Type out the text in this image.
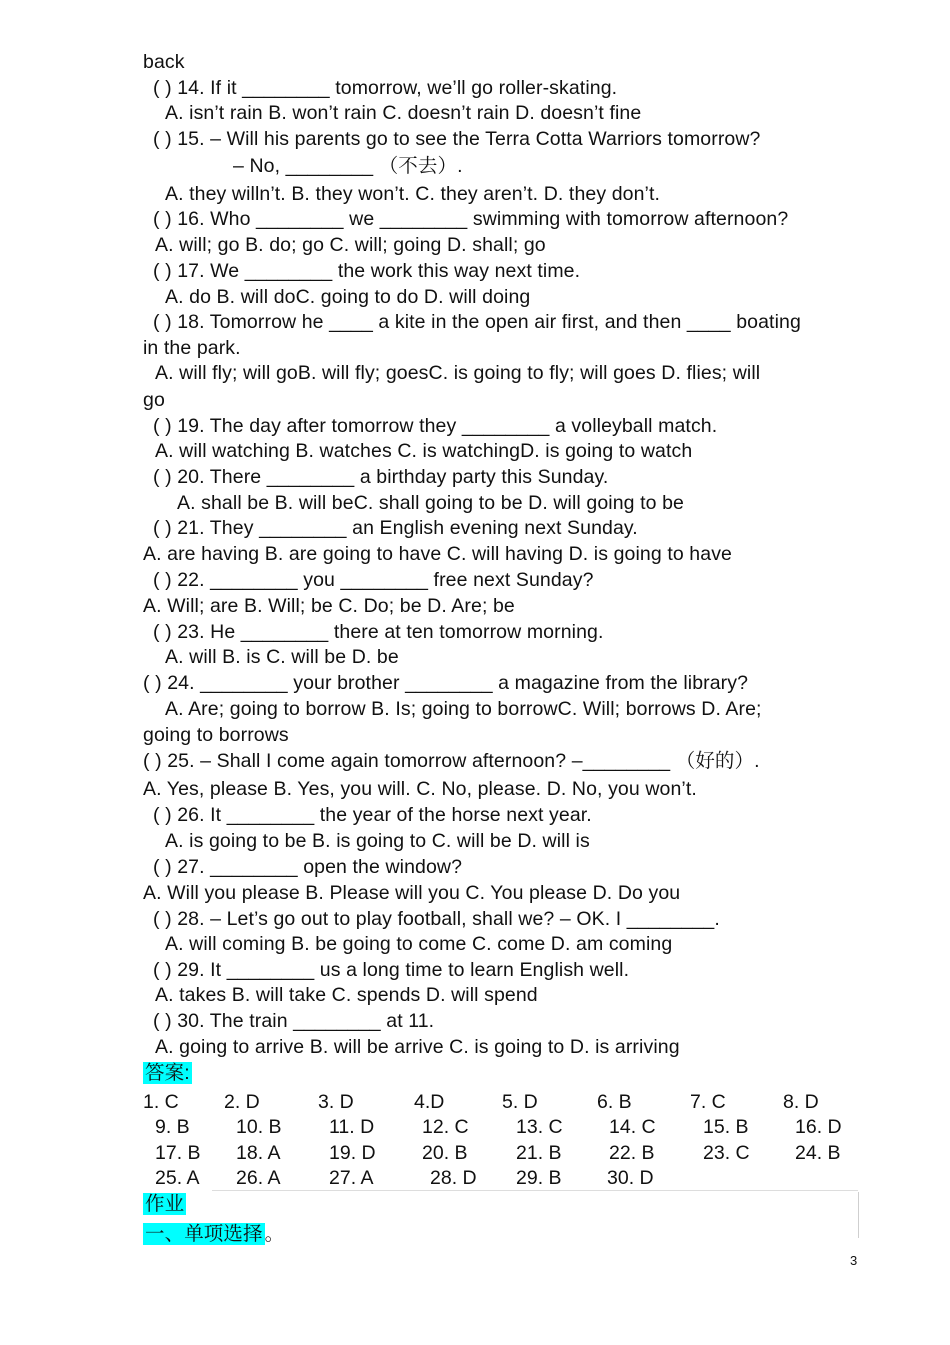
back
( ) 14. If it ________ tomorrow, we’ll go roller-skating.
A. isn’t rain B. won’t rain C. doesn’t rain D. doesn’t fine
( ) 15. – Will his parents go to see the Terra Cotta Warriors tomorrow?
– No, ________ （不去）.
A. they willn’t. B. they won’t. C. they aren’t. D. they don’t.
( ) 16. Who ________ we ________ swimming with tomorrow afternoon?
A. will; go B. do; go C. will; going D. shall; go
( ) 17. We ________ the work this way next time.
A. do B. will doC. going to do D. will doing
( ) 18. Tomorrow he ____ a kite in the open air first, and then ____ boating
in the park.
A. will fly; will goB. will fly; goesC. is going to fly; will goes D. flies; will
go
( ) 19. The day after tomorrow they ________ a volleyball match.
A. will watching B. watches C. is watchingD. is going to watch
( ) 20. There ________ a birthday party this Sunday.
A. shall be B. will beC. shall going to be D. will going to be
( ) 21. They ________ an English evening next Sunday.
A. are having B. are going to have C. will having D. is going to have
( ) 22. ________ you ________ free next Sunday?
A. Will; are B. Will; be C. Do; be D. Are; be
( ) 23. He ________ there at ten tomorrow morning.
A. will B. is C. will be D. be
( ) 24. ________ your brother ________ a magazine from the library?
A. Are; going to borrow B. Is; going to borrowC. Will; borrows D. Are;
going to borrows
( ) 25. – Shall I come again tomorrow afternoon? –________ （好的）.
A. Yes, please B. Yes, you will. C. No, please. D. No, you won’t.
( ) 26. It ________ the year of the horse next year.
A. is going to be B. is going to C. will be D. will is
( ) 27. ________ open the window?
A. Will you please B. Please will you C. You please D. Do you
( ) 28. – Let’s go out to play football, shall we? – OK. I ________.
A. will coming B. be going to come C. come D. am coming
( ) 29. It ________ us a long time to learn English well.
A. takes B. will take C. spends D. will spend
( ) 30. The train ________ at 11.
A. going to arrive B. will be arrive C. is going to D. is arriving
答案:
1. C 2. D	3. D	4.D	5. D	6. B	7. C	8. D
9. B 10. B 11. D 12. C 13. C 14. C 15. B 16. D
17. B 18. A 19. D 20. B 21. B 22. B 23. C 24. B
25. A 26. A 27. A	28. D 29. B 30. D
作业
一、单项选择 。
3
